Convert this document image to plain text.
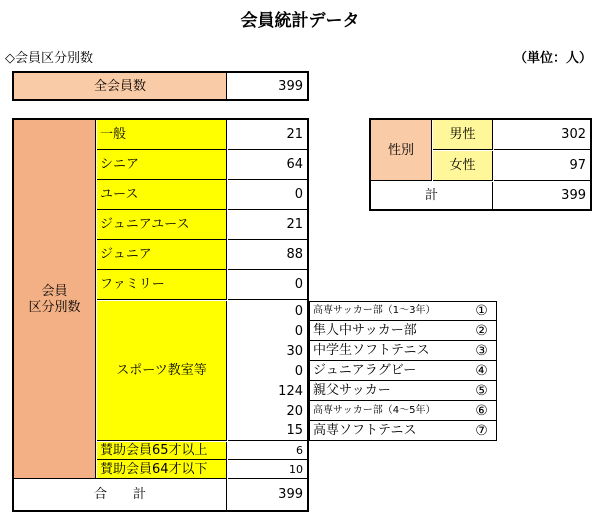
会員統計データ
◇会員区分別数	（単位：人）
全会員数	399
会員
区分別数
一般	21
シニア	64
ユース	0
ジュニアユース	21
ジュニア	88
ファミリー	0
スポーツ教室等
0	高専サッカー部（1～3年）	①
0 隼人中サッカー部	②
30 中学生ソフトテニス	③
0 ジュニアラグビー	④
124 親父サッカー	⑤
20	高専サッカー部（4～5年）	⑥
15 高専ソフトテニス	⑦
賛助会員65才以上	6
賛助会員64才以下	10
合　　計	399
性別
男性	302
女性	97
計	399
